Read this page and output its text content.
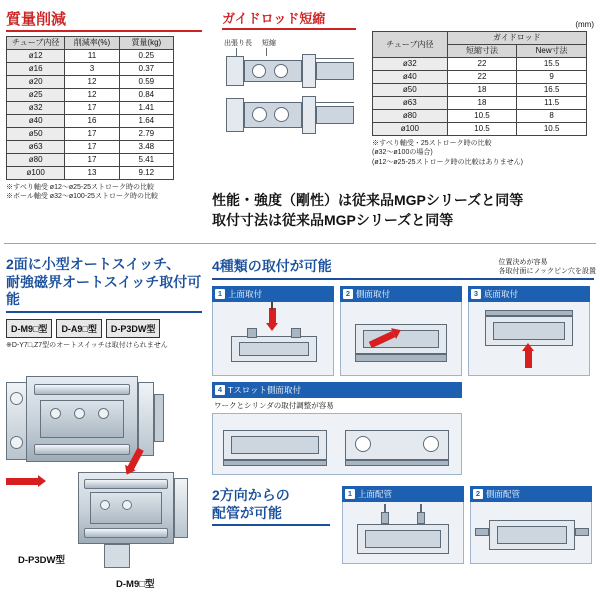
質量削減
チューブ内径	削減率(%)	質量(kg)
ø12	11	0.25
ø16	3	0.37
ø20	12	0.59
ø25	12	0.84
ø32	17	1.41
ø40	16	1.64
ø50	17	2.79
ø63	17	3.48
ø80	17	5.41
ø100	13	9.12
※すべり軸受 ø12～ø25-25ストローク時の比較
※ボール軸受 ø32～ø100-25ストローク時の比較
ガイドロッド短縮
出張り長 短縮
(mm)
チューブ内径	ガイドロッド	
	短縮寸法	New寸法
ø32	22	15.5
ø40	22	9
ø50	18	16.5
ø63	18	11.5
ø80	10.5	8
ø100	10.5	10.5
※すべり軸受・25ストローク時の比較
(ø32～ø100の場合)
(ø12～ø25-25ストローク時の比較はありません)
性能・強度（剛性）は従来品MGPシリーズと同等
取付寸法は従来品MGPシリーズと同等
2面に小型オートスイッチ、
耐強磁界オートスイッチ取付可能
D-M9□型	D-A9□型	D-P3DW型
※D-Y7□,Z7型のオートスイッチは取付けられません
D-P3DW型
D-M9□型
4種類の取付が可能	位置決めが容易
各取付面にノックピン穴を設置
1 上面取付	2 側面取付	3 底面取付
4 Tスロット側面取付
ワークとシリンダの取付調整が容易
2方向からの
配管が可能
1 上面配管	2 側面配管
